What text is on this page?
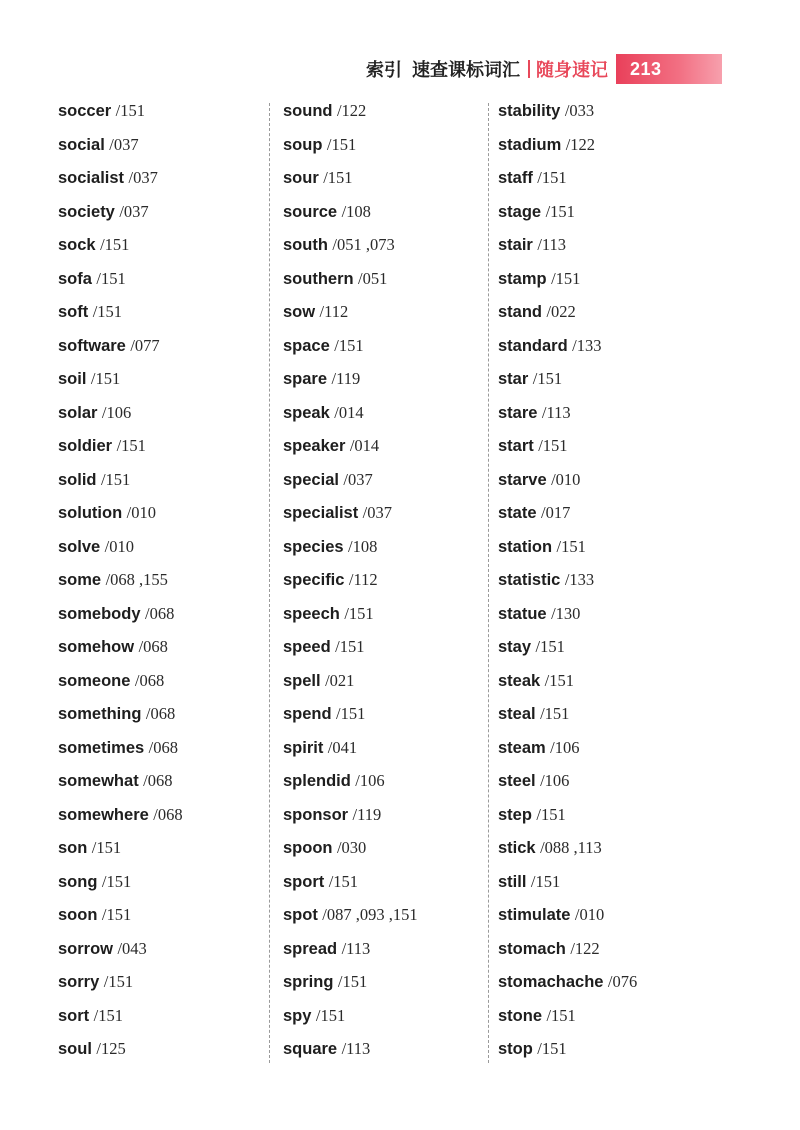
索引 速查课标词汇 随身速记 213
soccer /151
social /037
socialist /037
society /037
sock /151
sofa /151
soft /151
software /077
soil /151
solar /106
soldier /151
solid /151
solution /010
solve /010
some /068 ,155
somebody /068
somehow /068
someone /068
something /068
sometimes /068
somewhat /068
somewhere /068
son /151
song /151
soon /151
sorrow /043
sorry /151
sort /151
soul /125
sound /122
soup /151
sour /151
source /108
south /051 ,073
southern /051
sow /112
space /151
spare /119
speak /014
speaker /014
special /037
specialist /037
species /108
specific /112
speech /151
speed /151
spell /021
spend /151
spirit /041
splendid /106
sponsor /119
spoon /030
sport /151
spot /087 ,093 ,151
spread /113
spring /151
spy /151
square /113
stability /033
stadium /122
staff /151
stage /151
stair /113
stamp /151
stand /022
standard /133
star /151
stare /113
start /151
starve /010
state /017
station /151
statistic /133
statue /130
stay /151
steak /151
steal /151
steam /106
steel /106
step /151
stick /088 ,113
still /151
stimulate /010
stomach /122
stomachache /076
stone /151
stop /151
